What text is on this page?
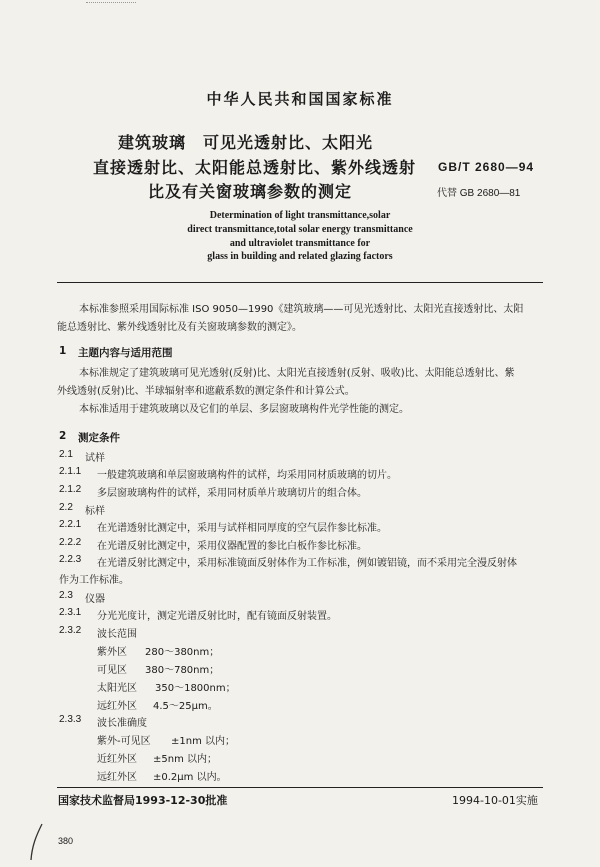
中华人民共和国国家标准
建筑玻璃　可见光透射比、太阳光
直接透射比、太阳能总透射比、紫外线透射
比及有关窗玻璃参数的测定
GB/T 2680—94
代替 GB 2680—81
Determination of light transmittance,solar
direct transmittance,total solar energy transmittance
and ultraviolet transmittance for
glass in building and related glazing factors
本标准参照采用国际标准 ISO 9050—1990《建筑玻璃——可见光透射比、太阳光直接透射比、太阳
能总透射比、紫外线透射比及有关窗玻璃参数的测定》。
1 主题内容与适用范围
本标准规定了建筑玻璃可见光透射(反射)比、太阳光直接透射(反射、吸收)比、太阳能总透射比、紫
外线透射(反射)比、半球辐射率和遮蔽系数的测定条件和计算公式。
本标准适用于建筑玻璃以及它们的单层、多层窗玻璃构件光学性能的测定。
2 测定条件
2.1 试样
2.1.1 一般建筑玻璃和单层窗玻璃构件的试样，均采用同材质玻璃的切片。
2.1.2 多层窗玻璃构件的试样，采用同材质单片玻璃切片的组合体。
2.2 标样
2.2.1 在光谱透射比测定中，采用与试样相同厚度的空气层作参比标准。
2.2.2 在光谱反射比测定中，采用仪器配置的参比白板作参比标准。
2.2.3 在光谱反射比测定中，采用标准镜面反射体作为工作标准，例如镀铝镜，而不采用完全漫反射体
作为工作标准。
2.3 仪器
2.3.1 分光光度计，测定光谱反射比时，配有镜面反射装置。
2.3.2 波长范围
紫外区 280～380nm；
可见区 380～780nm；
太阳光区 350～1800nm；
远红外区 4.5～25μm。
2.3.3 波长准确度
紫外-可见区 ±1nm 以内；
近红外区 ±5nm 以内；
远红外区 ±0.2μm 以内。
国家技术监督局1993-12-30批准	1994-10-01实施
380
